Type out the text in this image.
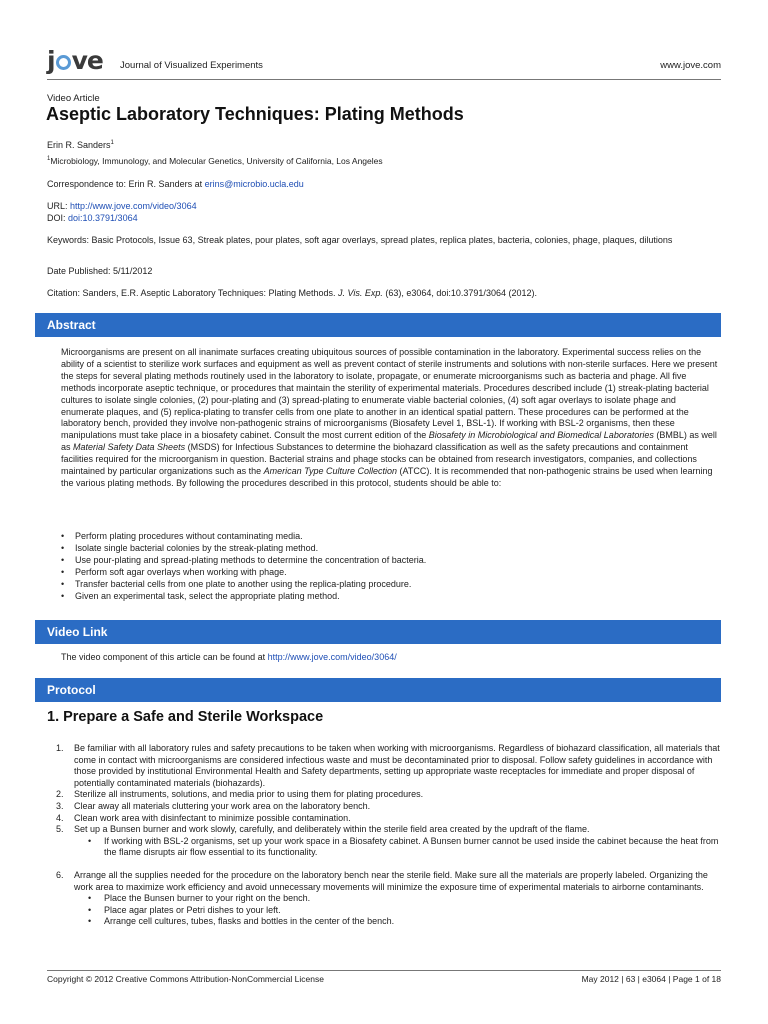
j ve Journal of Visualized Experiments	www.jove.com
Video Article
Aseptic Laboratory Techniques: Plating Methods
Erin R. Sanders$^1$
$^1$Microbiology, Immunology, and Molecular Genetics, University of California, Los Angeles
Correspondence to: Erin R. Sanders at erins@microbio.ucla.edu
URL: http://www.jove.com/video/3064
DOI: doi:10.3791/3064
Keywords: Basic Protocols, Issue 63, Streak plates, pour plates, soft agar overlays, spread plates, replica plates, bacteria, colonies, phage, plaques, dilutions
Date Published: 5/11/2012
Citation: Sanders, E.R. Aseptic Laboratory Techniques: Plating Methods. J. Vis. Exp. (63), e3064, doi:10.3791/3064 (2012).
Abstract
Microorganisms are present on all inanimate surfaces creating ubiquitous sources of possible contamination in the laboratory. Experimental success relies on the ability of a scientist to sterilize work surfaces and equipment as well as prevent contact of sterile instruments and solutions with non-sterile surfaces. Here we present the steps for several plating methods routinely used in the laboratory to isolate, propagate, or enumerate microorganisms such as bacteria and phage. All five methods incorporate aseptic technique, or procedures that maintain the sterility of experimental materials. Procedures described include (1) streak-plating bacterial cultures to isolate single colonies, (2) pour-plating and (3) spread-plating to enumerate viable bacterial colonies, (4) soft agar overlays to isolate phage and enumerate plaques, and (5) replica-plating to transfer cells from one plate to another in an identical spatial pattern. These procedures can be performed at the laboratory bench, provided they involve non-pathogenic strains of microorganisms (Biosafety Level 1, BSL-1). If working with BSL-2 organisms, then these manipulations must take place in a biosafety cabinet. Consult the most current edition of the Biosafety in Microbiological and Biomedical Laboratories (BMBL) as well as Material Safety Data Sheets (MSDS) for Infectious Substances to determine the biohazard classification as well as the safety precautions and containment facilities required for the microorganism in question. Bacterial strains and phage stocks can be obtained from research investigators, companies, and collections maintained by particular organizations such as the American Type Culture Collection (ATCC). It is recommended that non-pathogenic strains be used when learning the various plating methods. By following the procedures described in this protocol, students should be able to:
• Perform plating procedures without contaminating media.
• Isolate single bacterial colonies by the streak-plating method.
• Use pour-plating and spread-plating methods to determine the concentration of bacteria.
• Perform soft agar overlays when working with phage.
• Transfer bacterial cells from one plate to another using the replica-plating procedure.
• Given an experimental task, select the appropriate plating method.
Video Link
The video component of this article can be found at http://www.jove.com/video/3064/
Protocol
1. Prepare a Safe and Sterile Workspace
1. Be familiar with all laboratory rules and safety precautions to be taken when working with microorganisms. Regardless of biohazard classification, all materials that come in contact with microorganisms are considered infectious waste and must be decontaminated prior to disposal. Follow safety guidelines in accordance with those provided by institutional Environmental Health and Safety departments, setting up appropriate waste receptacles for immediate and proper disposal of potentially contaminated materials (biohazards).
2. Sterilize all instruments, solutions, and media prior to using them for plating procedures.
3. Clear away all materials cluttering your work area on the laboratory bench.
4. Clean work area with disinfectant to minimize possible contamination.
5. Set up a Bunsen burner and work slowly, carefully, and deliberately within the sterile field area created by the updraft of the flame.
• If working with BSL-2 organisms, set up your work space in a Biosafety cabinet. A Bunsen burner cannot be used inside the cabinet because the heat from the flame disrupts air flow essential to its functionality.
6. Arrange all the supplies needed for the procedure on the laboratory bench near the sterile field. Make sure all the materials are properly labeled. Organizing the work area to maximize work efficiency and avoid unnecessary movements will minimize the exposure time of experimental materials to airborne contaminants.
• Place the Bunsen burner to your right on the bench.
• Place agar plates or Petri dishes to your left.
• Arrange cell cultures, tubes, flasks and bottles in the center of the bench.
Copyright © 2012 Creative Commons Attribution-NonCommercial License	May 2012 | 63 | e3064 | Page 1 of 18
